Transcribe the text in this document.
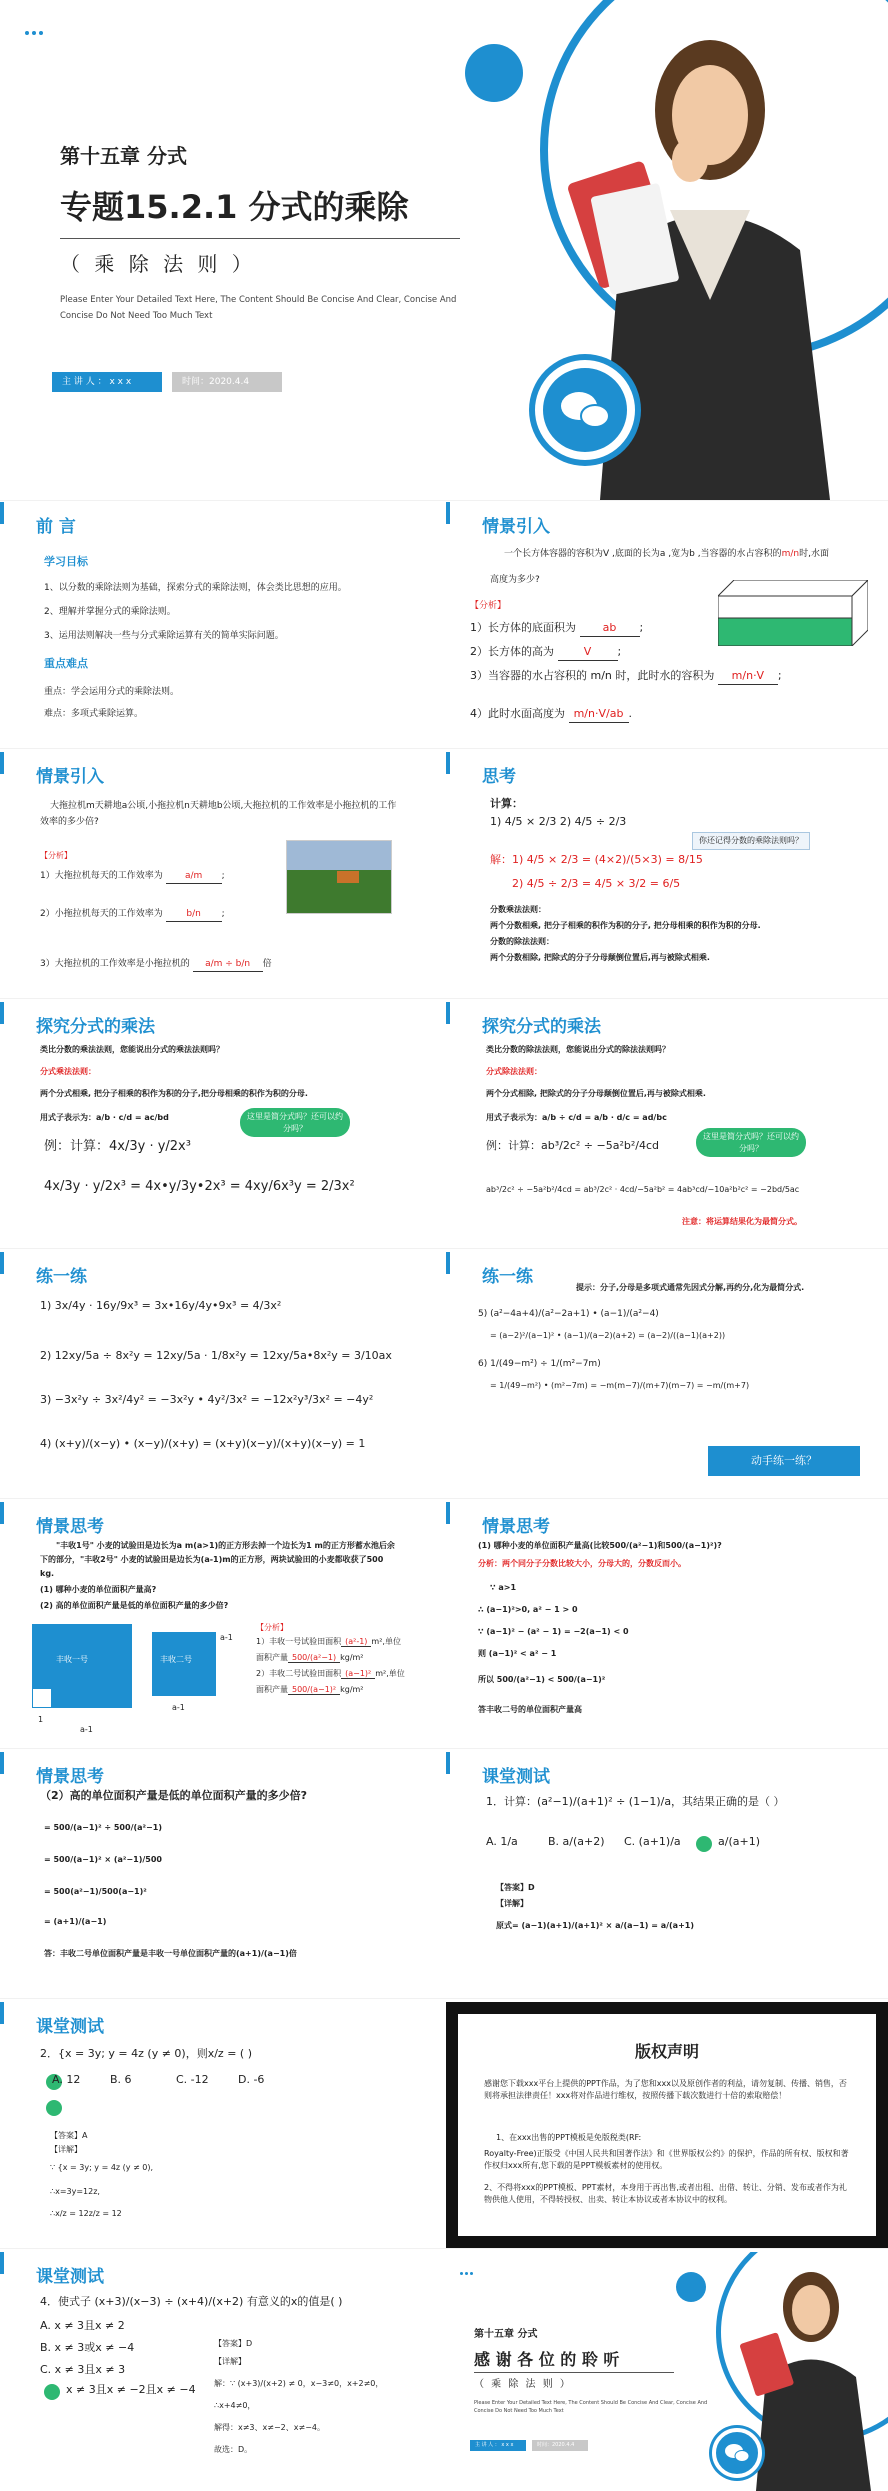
第十五章 分式
专题15.2.1 分式的乘除
（ 乘 除 法 则 ）
Please Enter Your Detailed Text Here, The Content Should Be Concise And Clear, Concise And
Concise Do Not Need Too Much Text
主 讲 人 ： x x x	时间：2020.4.4
前 言
学习目标
1、以分数的乘除法则为基础，探索分式的乘除法则，体会类比思想的应用。
2、理解并掌握分式的乘除法则。
3、运用法则解决一些与分式乘除运算有关的简单实际问题。
重点难点
重点：学会运用分式的乘除法则。
难点：多项式乘除运算。
情景引入
一个长方体容器的容积为V ,底面的长为a ,宽为b ,当容器的水占容积的m/n时,水面
高度为多少?
【分析】
1）长方体的底面积为 ab ;
2）长方体的高为	V ;
3）当容器的水占容积的 m/n 时，此时水的容积为 m/n·V ;
4）此时水面高度为 m/n·V/ab .
情景引入
大拖拉机m天耕地a公顷,小拖拉机n天耕地b公顷,大拖拉机的工作效率是小拖拉机的工作
效率的多少倍?
【分析】
1）大拖拉机每天的工作效率为 a/m ;
2）小拖拉机每天的工作效率为	b/n ;
3）大拖拉机的工作效率是小拖拉机的 a/m ÷ b/n 倍
思考
计算：
1) 4/5 × 2/3 2) 4/5 ÷ 2/3
你还记得分数的乘除法则吗？
解：1) 4/5 × 2/3 = (4×2)/(5×3) = 8/15
2) 4/5 ÷ 2/3 = 4/5 × 3/2 = 6/5
分数乘法法则：
两个分数相乘, 把分子相乘的积作为积的分子, 把分母相乘的积作为积的分母.
分数的除法法则：
两个分数相除, 把除式的分子分母颠倒位置后,再与被除式相乘.
探究分式的乘法
类比分数的乘法法则，您能说出分式的乘法法则吗？
分式乘法法则：
两个分式相乘, 把分子相乘的积作为积的分子,把分母相乘的积作为积的分母.
用式子表示为：a/b · c/d = ac/bd	这里是简分式吗？还可以约分吗？
例：计算：4x/3y · y/2x³
4x/3y · y/2x³ = 4x•y/3y•2x³ = 4xy/6x³y = 2/3x²
探究分式的乘法
类比分数的除法法则，您能说出分式的除法法则吗？
分式除法法则：
两个分式相除, 把除式的分子分母颠倒位置后,再与被除式相乘.
用式子表示为：a/b ÷ c/d = a/b · d/c = ad/bc
这里是简分式吗？还可以约分吗？
例：计算：ab³/2c² ÷ −5a²b²/4cd
ab³/2c² ÷ −5a²b²/4cd = ab³/2c² · 4cd/−5a²b² = 4ab³cd/−10a²b²c² = −2bd/5ac
注意：将运算结果化为最简分式。
练一练
1) 3x/4y · 16y/9x³ = 3x•16y/4y•9x³ = 4/3x²
2) 12xy/5a ÷ 8x²y = 12xy/5a · 1/8x²y = 12xy/5a•8x²y = 3/10ax
3) −3x²y ÷ 3x²/4y² = −3x²y • 4y²/3x² = −12x²y³/3x² = −4y²
4) (x+y)/(x−y) • (x−y)/(x+y) = (x+y)(x−y)/(x+y)(x−y) = 1
练一练
提示：分子,分母是多项式通常先因式分解,再约分,化为最简分式.
5) (a²−4a+4)/(a²−2a+1) • (a−1)/(a²−4)
= (a−2)²/(a−1)² • (a−1)/(a−2)(a+2) = (a−2)/((a−1)(a+2))
6) 1/(49−m²) ÷ 1/(m²−7m)
= 1/(49−m²) • (m²−7m) = −m(m−7)/(m+7)(m−7) = −m/(m+7)
动手练一练？
情景思考
"丰收1号" 小麦的试验田是边长为a m(a>1)的正方形去掉一个边长为1 m的正方形蓄水池后余
下的部分，"丰收2号" 小麦的试验田是边长为(a-1)m的正方形，两块试验田的小麦都收获了500
kg.
(1) 哪种小麦的单位面积产量高?
(2) 高的单位面积产量是低的单位面积产量的多少倍?
丰收一号
a-1
1
丰收二号
a-1
a-1
【分析】
1）丰收一号试验田面积 (a²-1) m²,单位
面积产量 500/(a²−1) kg/m²
2）丰收二号试验田面积 (a−1)² m²,单位
面积产量 500/(a−1)² kg/m²
情景思考
(1) 哪种小麦的单位面积产量高(比较500/(a²−1)和500/(a−1)²)?
分析：两个同分子分数比较大小，分母大的，分数反而小。
∵ a>1
∴ (a−1)²>0, a² − 1 > 0
∵ (a−1)² − (a² − 1) = −2(a−1) < 0
则 (a−1)² < a² − 1
所以 500/(a²−1) < 500/(a−1)²
答丰收二号的单位面积产量高
情景思考
（2）高的单位面积产量是低的单位面积产量的多少倍?
= 500/(a−1)² ÷ 500/(a²−1)
= 500/(a−1)² × (a²−1)/500
= 500(a²−1)/500(a−1)²
= (a+1)/(a−1)
答：丰收二号单位面积产量是丰收一号单位面积产量的(a+1)/(a−1)倍
课堂测试
1．计算：(a²−1)/(a+1)² ÷ (1−1)/a，其结果正确的是（ ）
A. 1/a	B. a/(a+2) C. (a+1)/a	a/(a+1)
【答案】D
【详解】
原式= (a−1)(a+1)/(a+1)² × a/(a−1) = a/(a+1)
课堂测试
2．{x = 3y; y = 4z (y ≠ 0)，则x/z = ( )
A. 12	B. 6	C. -12	D. -6
【答案】A
【详解】
∵ {x = 3y; y = 4z (y ≠ 0),
∴x=3y=12z,
∴x/z = 12z/z = 12
版权声明
感谢您下载xxx平台上提供的PPT作品，为了您和xxx以及原创作者的利益，请勿复制、传播、销售，否则将承担法律责任！xxx将对作品进行维权，按照传播下载次数进行十倍的索取赔偿！
1、在xxx出售的PPT模板是免版税类(RF:
Royalty-Free)正版受《中国人民共和国著作法》和《世界版权公约》的保护，作品的所有权、版权和著作权归xxx所有,您下载的是PPT模板素材的使用权。
2、不得将xxx的PPT模板、PPT素材，本身用于再出售,或者出租、出借、转让、分销、发布或者作为礼物供他人使用，不得转授权、出卖、转让本协议或者本协议中的权利。
课堂测试
4．使式子 (x+3)/(x−3) ÷ (x+4)/(x+2) 有意义的x的值是( )
A. x ≠ 3且x ≠ 2
B. x ≠ 3或x ≠ −4
C. x ≠ 3且x ≠ 3
x ≠ 3且x ≠ −2且x ≠ −4
【答案】D
【详解】
解：∵ (x+3)/(x+2) ≠ 0，x−3≠0，x+2≠0，
∴x+4≠0，
解得：x≠3、x≠−2、x≠−4。
故选：D。
第十五章 分式
感 谢 各 位 的 聆 听
（ 乘 除 法 则 ）
Please Enter Your Detailed Text Here, The Content Should Be Concise And Clear, Concise And
Concise Do Not Need Too Much Text
主 讲 人 ： x x x	时间：2020.4.4
